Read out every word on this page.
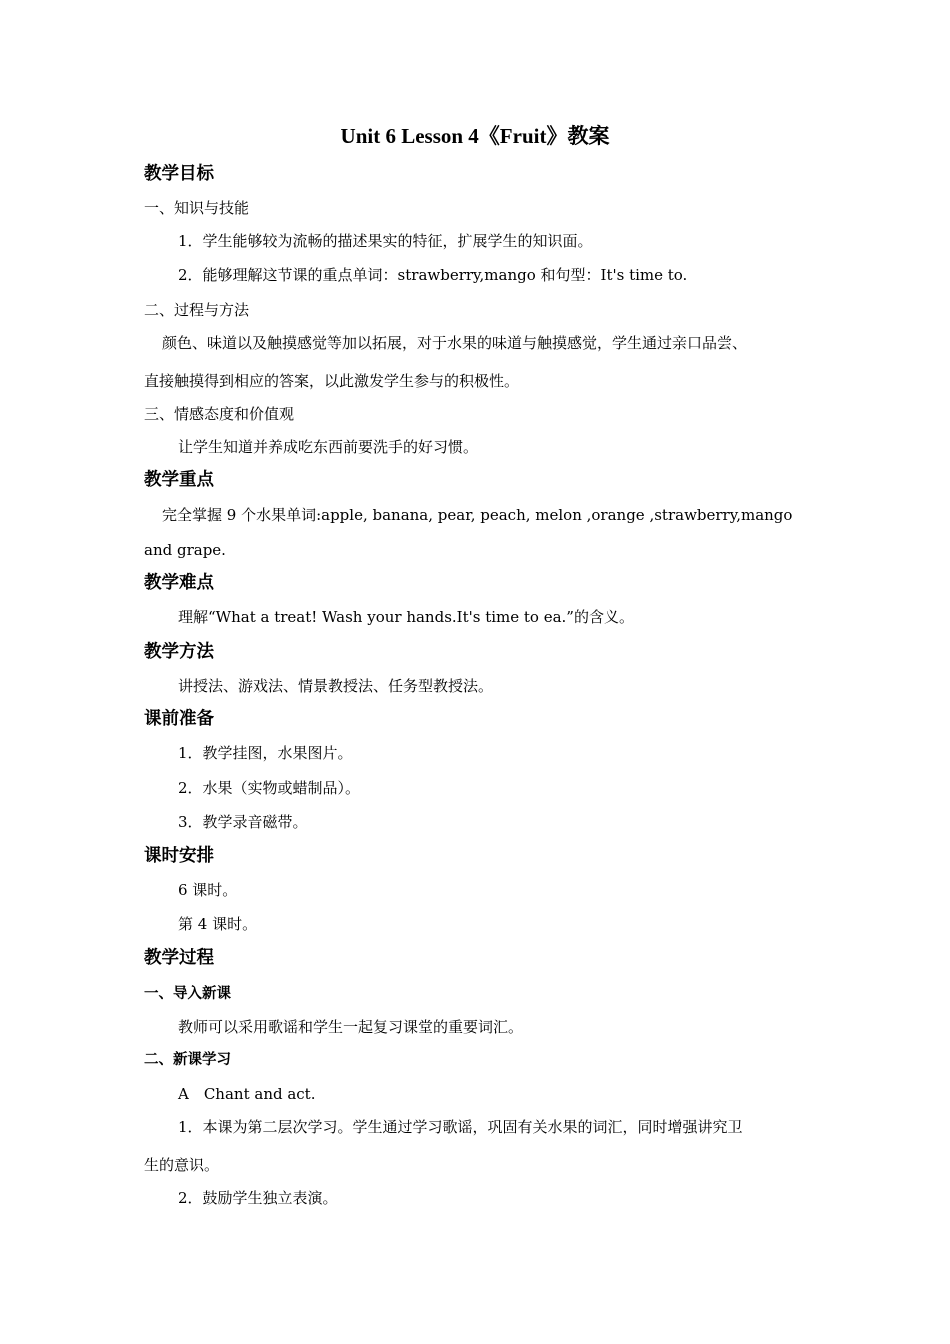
Unit 6 Lesson 4《Fruit》教案
教学目标
一、知识与技能
1．学生能够较为流畅的描述果实的特征，扩展学生的知识面。
2．能够理解这节课的重点单词：strawberry,mango 和句型：It's time to.
二、过程与方法
颜色、味道以及触摸感觉等加以拓展，对于水果的味道与触摸感觉，学生通过亲口品尝、
直接触摸得到相应的答案，以此激发学生参与的积极性。
三、情感态度和价值观
让学生知道并养成吃东西前要洗手的好习惯。
教学重点
完全掌握 9 个水果单词:apple, banana, pear, peach, melon ,orange ,strawberry,mango
and grape.
教学难点
理解“What a treat! Wash your hands.It's time to ea.”的含义。
教学方法
讲授法、游戏法、情景教授法、任务型教授法。
课前准备
1．教学挂图，水果图片。
2．水果（实物或蜡制品）。
3．教学录音磁带。
课时安排
6 课时。
第 4 课时。
教学过程
一、导入新课
教师可以采用歌谣和学生一起复习课堂的重要词汇。
二、新课学习
A　Chant and act.
1．本课为第二层次学习。学生通过学习歌谣，巩固有关水果的词汇，同时增强讲究卫
生的意识。
2．鼓励学生独立表演。
